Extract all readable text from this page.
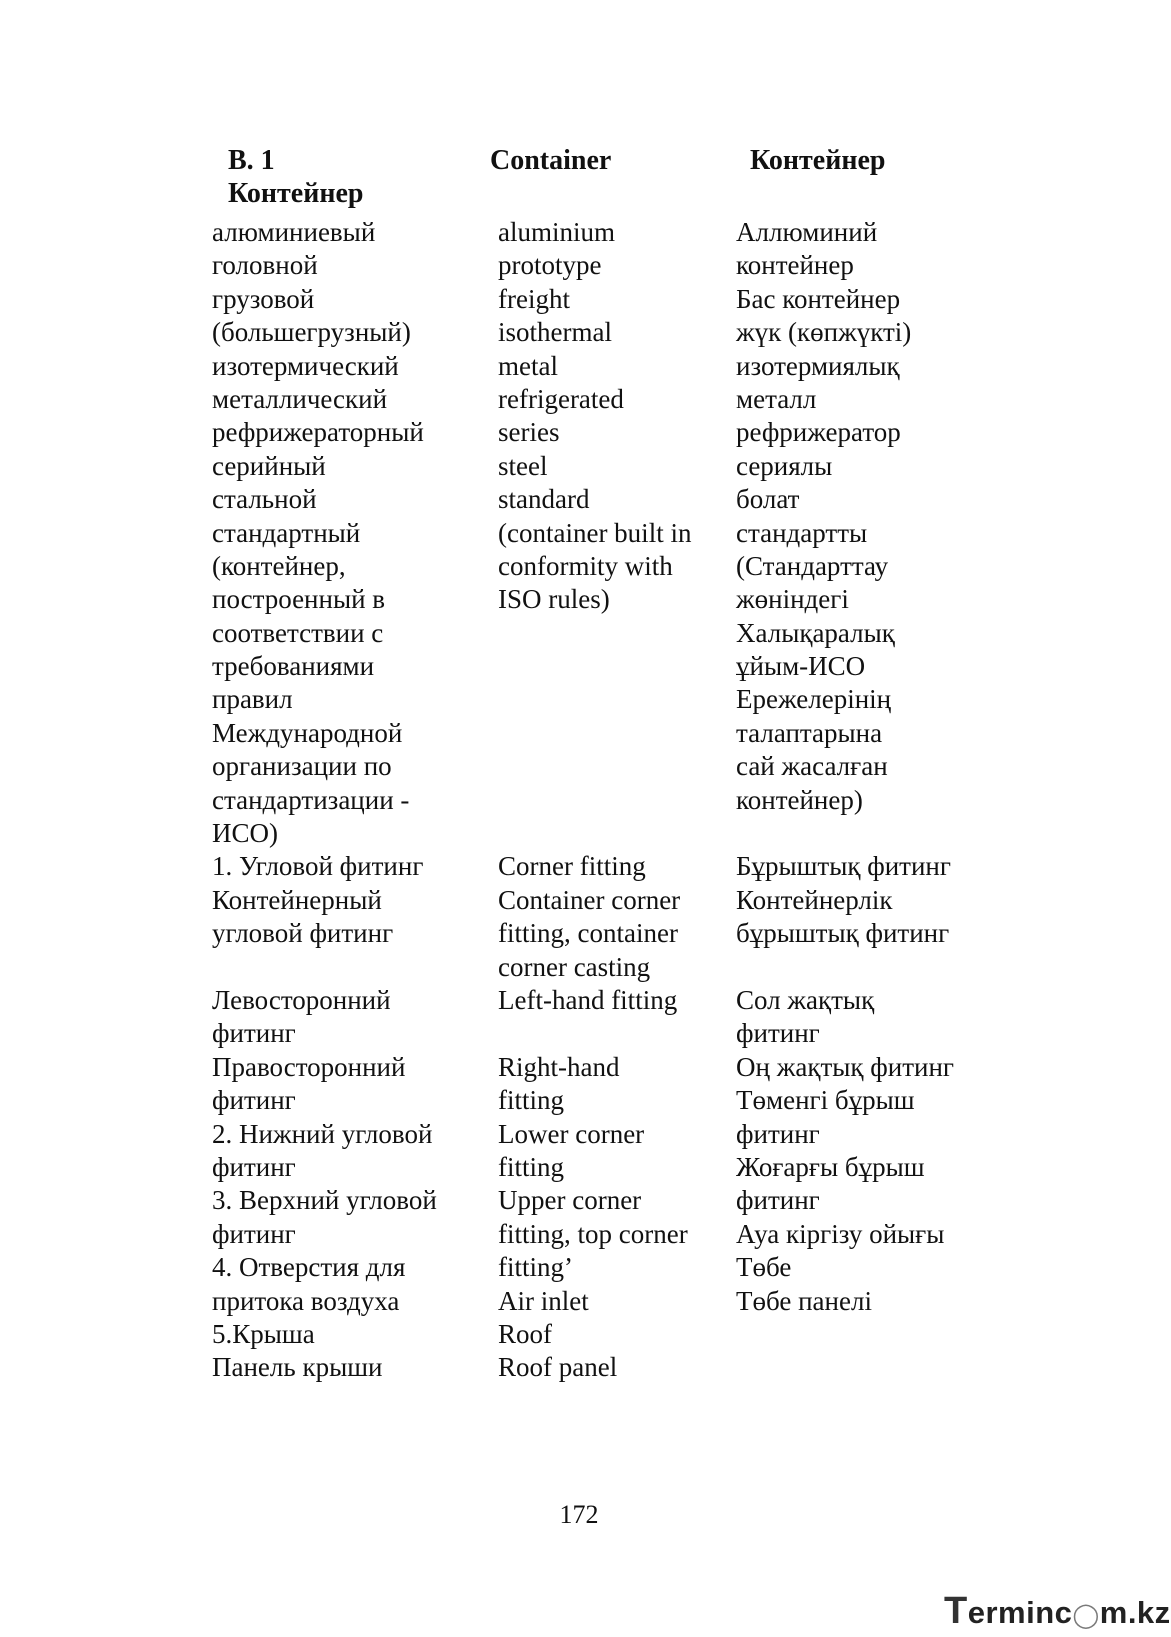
B. 1
Контейнер
Container	Контейнер
алюминиевый
головной
грузовой
(большегрузный)
изотермический
металлический
рефрижераторный
серийный
стальной
стандартный
(контейнер,
построенный в
соответствии с
требованиями
правил
Международной
организации по
стандартизации -
ИСО)
1. Угловой фитинг
Контейнерный
угловой фитинг
Левосторонний
фитинг
Правосторонний
фитинг
2. Нижний угловой
фитинг
3. Верхний угловой
фитинг
4. Отверстия для
притока воздуха
5.Крыша
Панель крыши
aluminium
prototype
freight
isothermal
metal
refrigerated
series
steel
standard
(container built in
conformity with
ISO rules)
Corner fitting
Container corner
fitting, container
corner casting
Left-hand fitting
Right-hand
fitting
Lower corner
fitting
Upper corner
fitting, top corner
fitting’
Air inlet
Roof
Roof panel
Аллюминий
контейнер
Бас контейнер
жүк (көпжүкті)
изотермиялық
металл
рефрижератор
сериялы
болат
стандартты
(Стандарттау
жөніндегі
Халықаралық
ұйым-ИСО
Ережелерінің
талаптарына
сай жасалған
контейнер)
Бұрыштық фитинг
Контейнерлік
бұрыштық фитинг
Сол жақтық
фитинг
Оң жақтық фитинг
Төменгі бұрыш
фитинг
Жоғарғы бұрыш
фитинг
Ауа кіргізу ойығы
Төбе
Төбе панелі
172
Terminc◯m.kz
